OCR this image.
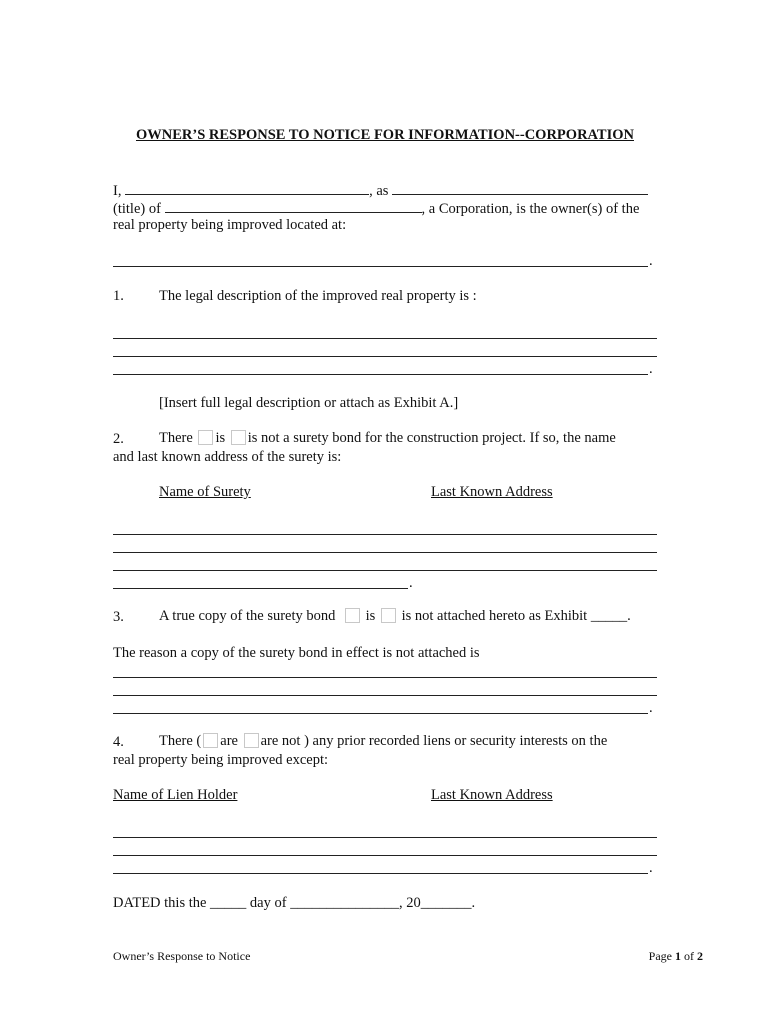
OWNER’S RESPONSE TO NOTICE FOR INFORMATION--CORPORATION
I,	, as
(title) of	, a Corporation, is the owner(s) of the
real property being improved located at:
.
1. The legal description of the improved real property is :
.
[Insert full legal description or attach as Exhibit A.]
2. There is is not a surety bond for the construction project. If so, the name
and last known address of the surety is:
Name of Surety	Last Known Address
.
3. A true copy of the surety bond is is not attached hereto as Exhibit _____.
The reason a copy of the surety bond in effect is not attached is
.
4. There ( are are not ) any prior recorded liens or security interests on the
real property being improved except:
Name of Lien Holder	Last Known Address
.
DATED this the _____ day of _______________, 20_______.
Owner’s Response to Notice	Page 1 of 2
